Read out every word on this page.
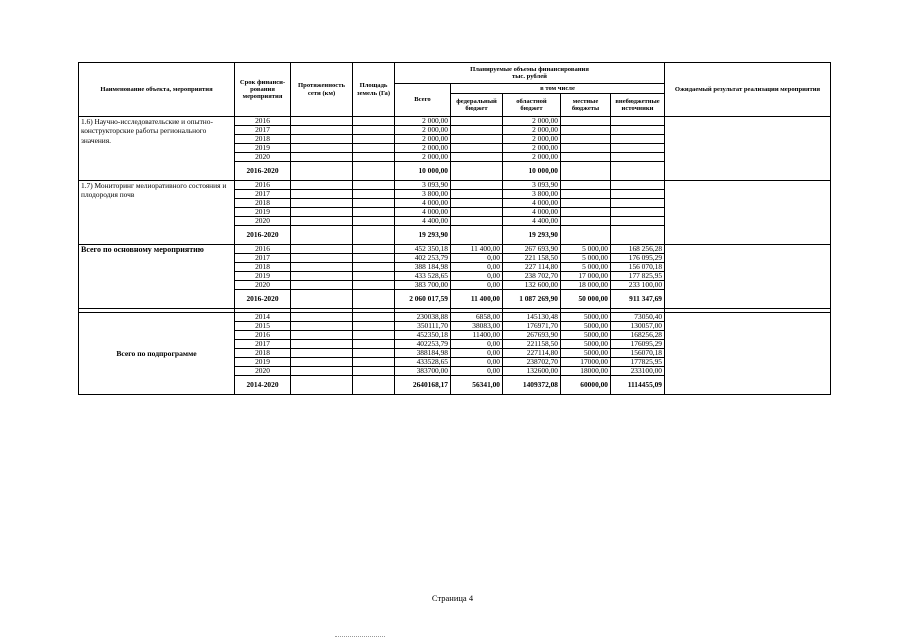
Наименование объекта, мероприятия	Срок финанси-рования мероприятия	Протяженность сети (км)	Площадь земель (Га)	Планируемые объемы финансирования
тыс. рублей					Ожидаемый результат реализации мероприятия
				Всего	в том числе				
					федеральный бюджет	областной бюджет	местные бюджеты	внебюджетные источники	
1.6) Научно-исследовательские и опытно-конструкторские работы регионального значения.	2016			2 000,00		2 000,00			
	2017			2 000,00		2 000,00			
	2018			2 000,00		2 000,00			
	2019			2 000,00		2 000,00			
	2020			2 000,00		2 000,00			
	2016-2020			10 000,00		10 000,00			
1.7) Мониторинг мелиоративного состояния и плодородия почв	2016			3 093,90		3 093,90			
	2017			3 800,00		3 800,00			
	2018			4 000,00		4 000,00			
	2019			4 000,00		4 000,00			
	2020			4 400,00		4 400,00			
	2016-2020			19 293,90		19 293,90			
Всего по основному мероприятию	2016			452 350,18	11 400,00	267 693,90	5 000,00	168 256,28	
	2017			402 253,79	0,00	221 158,50	5 000,00	176 095,29	
	2018			388 184,98	0,00	227 114,80	5 000,00	156 070,18	
	2019			433 528,65	0,00	238 702,70	17 000,00	177 825,95	
	2020			383 700,00	0,00	132 600,00	18 000,00	233 100,00	
	2016-2020			2 060 017,59	11 400,00	1 087 269,90	50 000,00	911 347,69	

Всего по подпрограмме	2014			230038,88	6858,00	145130,48	5000,00	73050,40	
	2015			350111,70	38083,00	176971,70	5000,00	130057,00	
	2016			452350,18	11400,00	267693,90	5000,00	168256,28	
	2017			402253,79	0,00	221158,50	5000,00	176095,29	
	2018			388184,98	0,00	227114,80	5000,00	156070,18	
	2019			433528,65	0,00	238702,70	17000,00	177825,95	
	2020			383700,00	0,00	132600,00	18000,00	233100,00	
	2014-2020			2640168,17	56341,00	1409372,08	60000,00	1114455,09	
Страница 4
